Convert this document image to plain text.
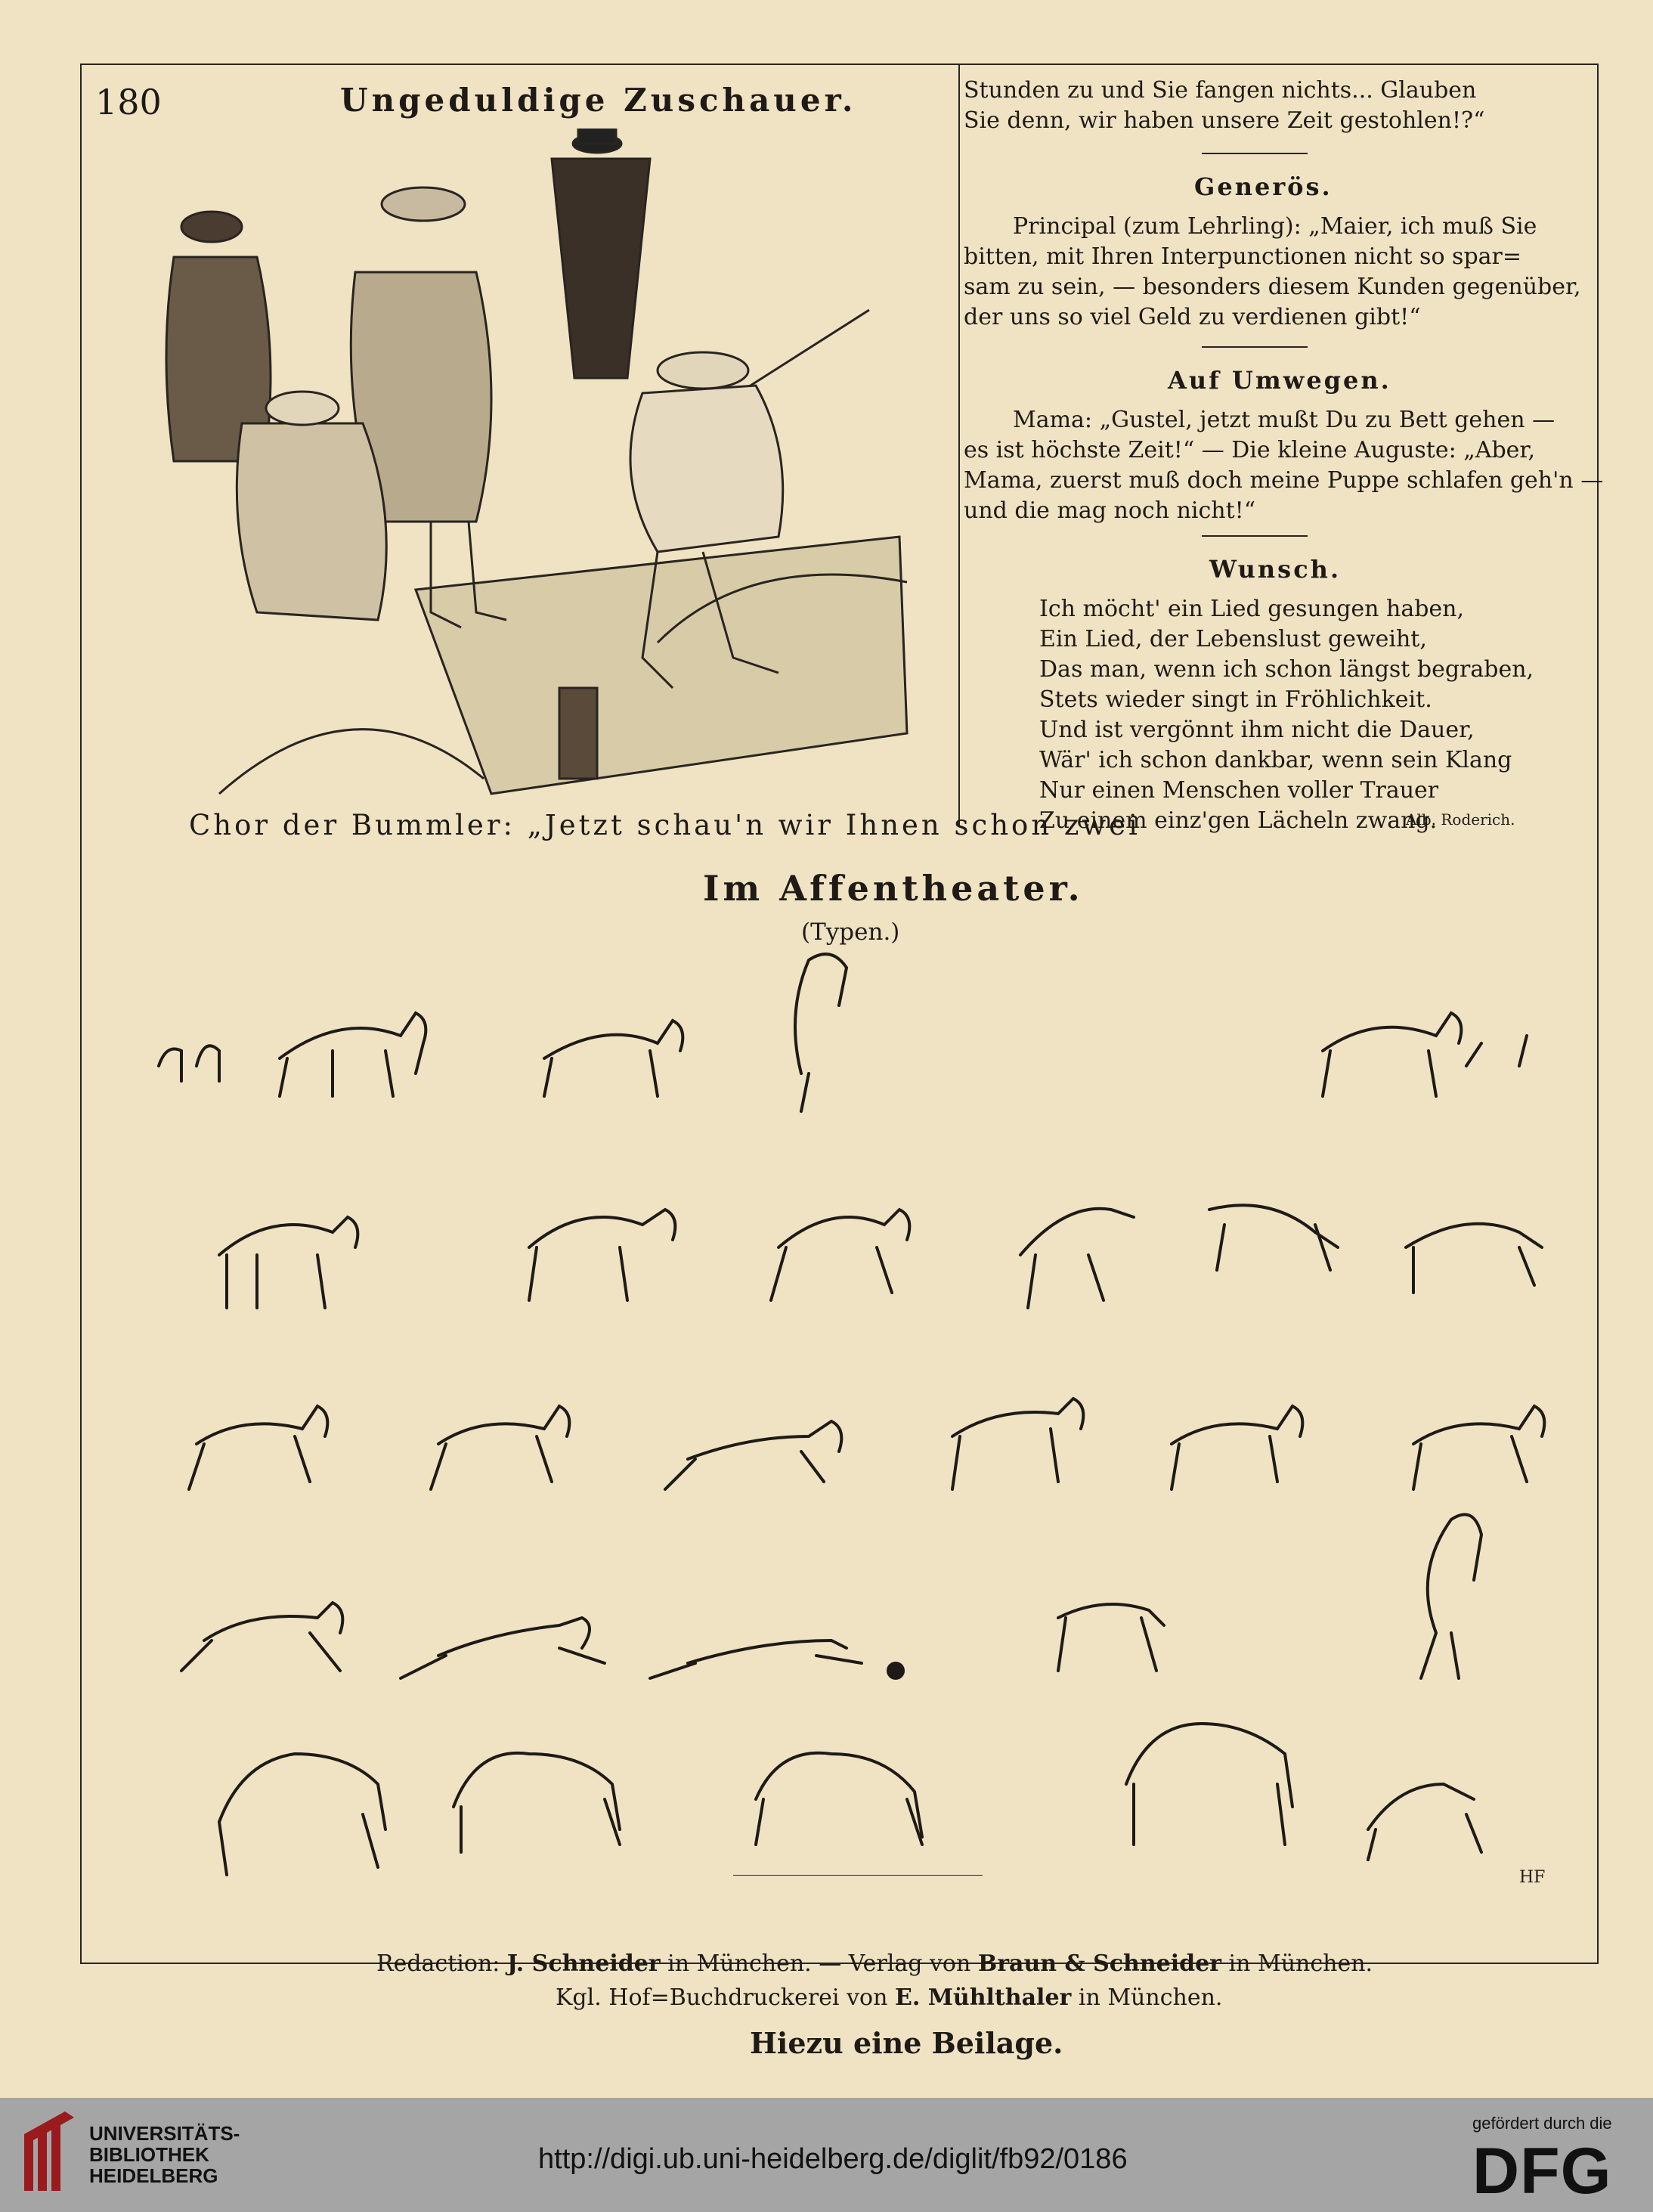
180	Ungeduldige Zuschauer.
Chor der Bummler: „Jetzt schau'n wir Ihnen schon zwei
Stunden zu und Sie fangen nichts... Glauben
Sie denn, wir haben unsere Zeit gestohlen!?“
Generös.
Principal (zum Lehrling): „Maier, ich muß Sie
bitten, mit Ihren Interpunctionen nicht so spar=
sam zu sein, — besonders diesem Kunden gegenüber,
der uns so viel Geld zu verdienen gibt!“
Auf Umwegen.
Mama: „Gustel, jetzt mußt Du zu Bett gehen —
es ist höchste Zeit!“ — Die kleine Auguste: „Aber,
Mama, zuerst muß doch meine Puppe schlafen geh'n —
und die mag noch nicht!“
Wunsch.
Ich möcht' ein Lied gesungen haben,
Ein Lied, der Lebenslust geweiht,
Das man, wenn ich schon längst begraben,
Stets wieder singt in Fröhlichkeit.
Und ist vergönnt ihm nicht die Dauer,
Wär' ich schon dankbar, wenn sein Klang
Nur einen Menschen voller Trauer
Zu einem einz'gen Lächeln zwang.
Alb. Roderich.
Im Affentheater.
(Typen.)
HF
Redaction: J. Schneider in München. — Verlag von Braun & Schneider in München.
Kgl. Hof=Buchdruckerei von E. Mühlthaler in München.
Hiezu eine Beilage.
UNIVERSITÄTS-
BIBLIOTHEK
HEIDELBERG
http://digi.ub.uni-heidelberg.de/diglit/fb92/0186
gefördert durch die
DFG
